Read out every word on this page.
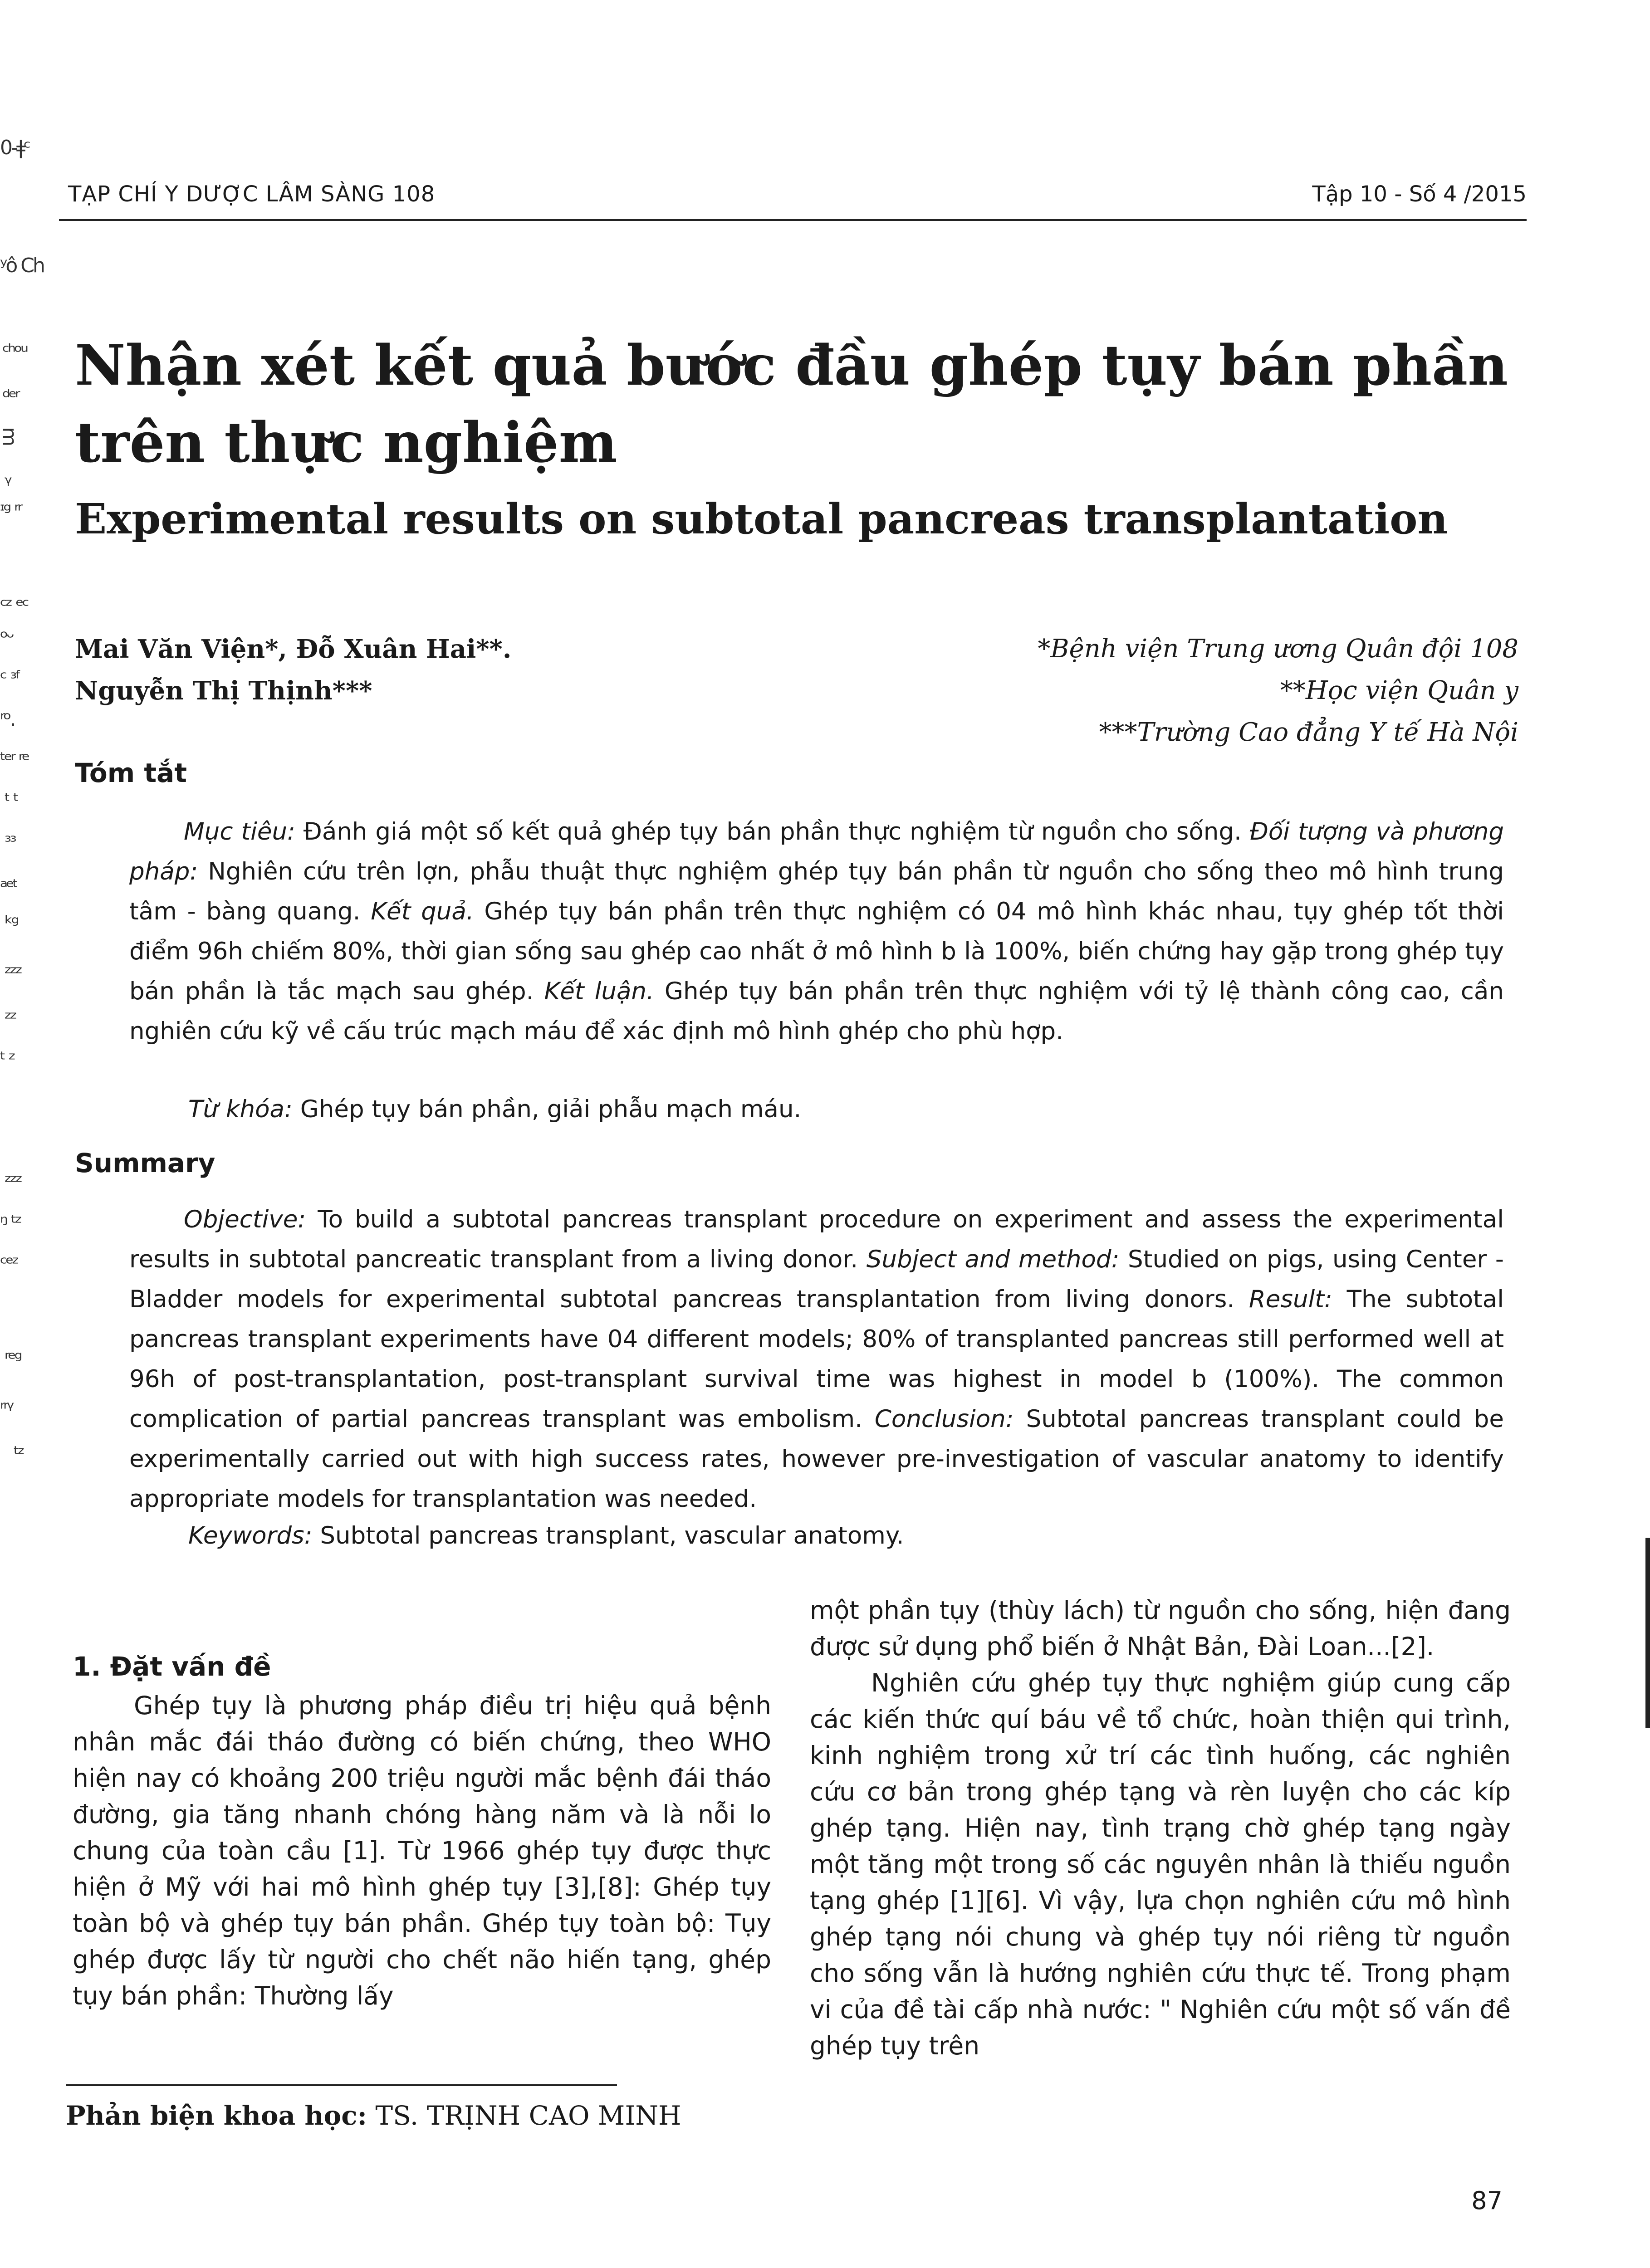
0-ǂᶜ
ʸô Ch
ᶜʰᵒᵘ
ᵈᵉʳ
ᴟ
ᵞ
ᶦᵍ ʳʳ
ᶜᶻ ᵉᶜ
ᵒᵕ
ᶜ ᶟᶠ
ʳᵒ.
ᵗᵉʳ ʳᵉ
ᵗ ᵗ
ᶟᶟ
ᵃᵉᵗ
ᵏᵍ
ᶻᶻᶻ
ᶻᶻ
ᵗ ᶻ
ᶻᶻᶻ
ᵑ ᵗᶻ
ᶜᵉᶻ
ʳᵉᵍ
ʳʳᵞ
ᵗᶻ
TẠP CHÍ Y DƯỢC LÂM SÀNG 108	Tập 10 - Số 4 /2015
Nhận xét kết quả bước đầu ghép tụy bán phần trên thực nghiệm
Experimental results on subtotal pancreas transplantation
Mai Văn Viện*, Đỗ Xuân Hai**.
Nguyễn Thị Thịnh***
*Bệnh viện Trung ương Quân đội 108
**Học viện Quân y
***Trường Cao đẳng Y tế Hà Nội
Tóm tắt
Mục tiêu: Đánh giá một số kết quả ghép tụy bán phần thực nghiệm từ nguồn cho sống. Đối tượng và phương pháp: Nghiên cứu trên lợn, phẫu thuật thực nghiệm ghép tụy bán phần từ nguồn cho sống theo mô hình trung tâm - bàng quang. Kết quả. Ghép tụy bán phần trên thực nghiệm có 04 mô hình khác nhau, tụy ghép tốt thời điểm 96h chiếm 80%, thời gian sống sau ghép cao nhất ở mô hình b là 100%, biến chứng hay gặp trong ghép tụy bán phần là tắc mạch sau ghép. Kết luận. Ghép tụy bán phần trên thực nghiệm với tỷ lệ thành công cao, cần nghiên cứu kỹ về cấu trúc mạch máu để xác định mô hình ghép cho phù hợp.
Từ khóa: Ghép tụy bán phần, giải phẫu mạch máu.
Summary
Objective: To build a subtotal pancreas transplant procedure on experiment and assess the experimental results in subtotal pancreatic transplant from a living donor. Subject and method: Studied on pigs, using Center - Bladder models for experimental subtotal pancreas transplantation from living donors. Result: The subtotal pancreas transplant experiments have 04 different models; 80% of transplanted pancreas still performed well at 96h of post-transplantation, post-transplant survival time was highest in model b (100%). The common complication of partial pancreas transplant was embolism. Conclusion: Subtotal pancreas transplant could be experimentally carried out with high success rates, however pre-investigation of vascular anatomy to identify appropriate models for transplantation was needed.
Keywords: Subtotal pancreas transplant, vascular anatomy.
1. Đặt vấn đề

Ghép tụy là phương pháp điều trị hiệu quả bệnh nhân mắc đái tháo đường có biến chứng, theo WHO hiện nay có khoảng 200 triệu người mắc bệnh đái tháo đường, gia tăng nhanh chóng hàng năm và là nỗi lo chung của toàn cầu [1]. Từ 1966 ghép tụy được thực hiện ở Mỹ với hai mô hình ghép tụy [3],[8]: Ghép tụy toàn bộ và ghép tụy bán phần. Ghép tụy toàn bộ: Tụy ghép được lấy từ người cho chết não hiến tạng, ghép tụy bán phần: Thường lấy

một phần tụy (thùy lách) từ nguồn cho sống, hiện đang được sử dụng phổ biến ở Nhật Bản, Đài Loan...[2].

Nghiên cứu ghép tụy thực nghiệm giúp cung cấp các kiến thức quí báu về tổ chức, hoàn thiện qui trình, kinh nghiệm trong xử trí các tình huống, các nghiên cứu cơ bản trong ghép tạng và rèn luyện cho các kíp ghép tạng. Hiện nay, tình trạng chờ ghép tạng ngày một tăng một trong số các nguyên nhân là thiếu nguồn tạng ghép [1][6]. Vì vậy, lựa chọn nghiên cứu mô hình ghép tạng nói chung và ghép tụy nói riêng từ nguồn cho sống vẫn là hướng nghiên cứu thực tế. Trong phạm vi của đề tài cấp nhà nước: " Nghiên cứu một số vấn đề ghép tụy trên

Phản biện khoa học: TS. TRỊNH CAO MINH
87
